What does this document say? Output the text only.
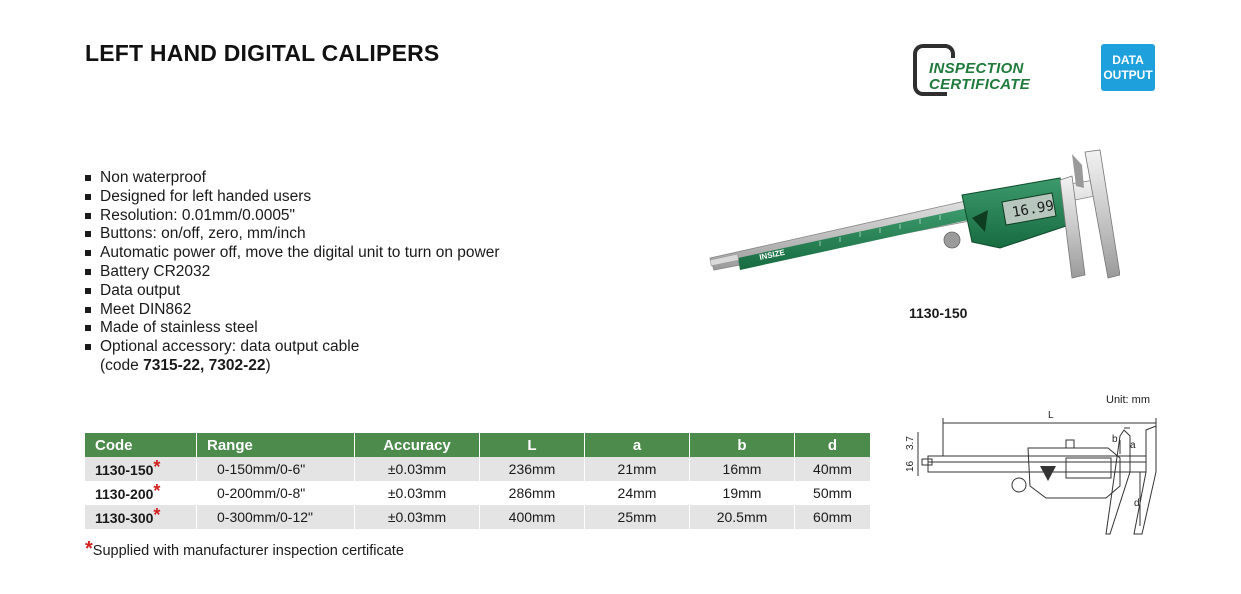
LEFT HAND DIGITAL CALIPERS
INSPECTION
CERTIFICATE
DATA
OUTPUT
Non waterproof
Designed for left handed users
Resolution: 0.01mm/0.0005"
Buttons: on/off, zero, mm/inch
Automatic power off, move the digital unit to turn on power
Battery CR2032
Data output
Meet DIN862
Made of stainless steel
Optional accessory: data output cable
(code 7315-22, 7302-22)
INSIZE
16.99
1130-150
Code	Range	Accuracy	L	a	b	d
1130-150*	0-150mm/0-6"	±0.03mm	236mm	21mm	16mm	40mm
1130-200*	0-200mm/0-8"	±0.03mm	286mm	24mm	19mm	50mm
1130-300*	0-300mm/0-12"	±0.03mm	400mm	25mm	20.5mm	60mm
*Supplied with manufacturer inspection certificate
Unit: mm
L
3.7
16
a
b
d
